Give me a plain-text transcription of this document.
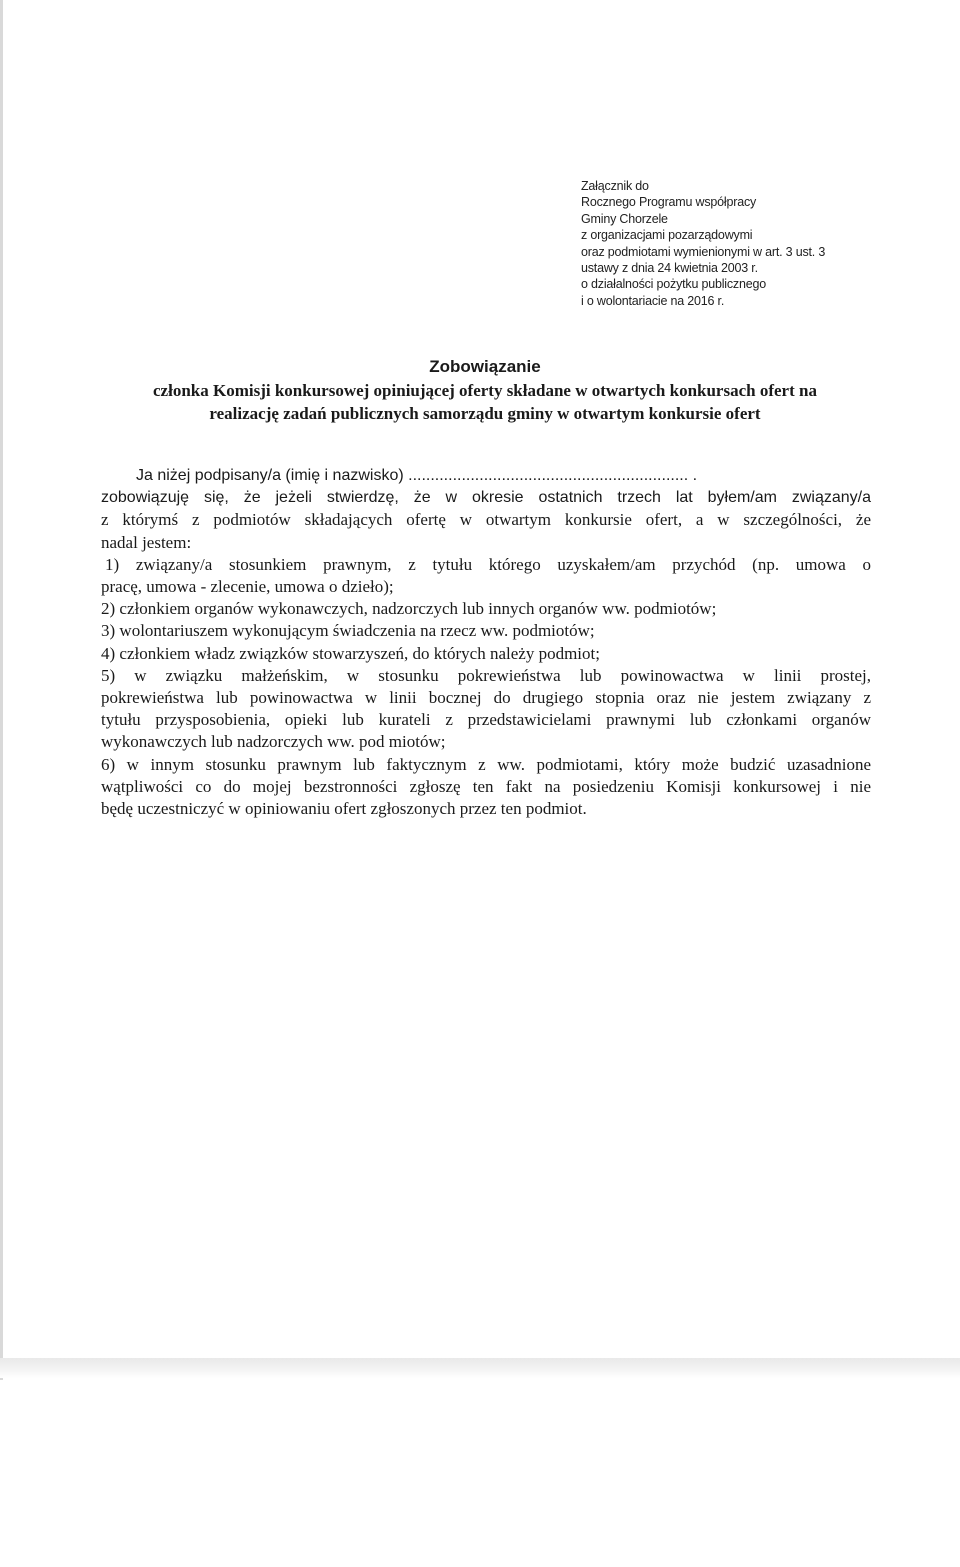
Załącznik do
Rocznego Programu współpracy
Gminy Chorzele
z organizacjami pozarządowymi
oraz podmiotami wymienionymi w art. 3 ust. 3
ustawy z dnia 24 kwietnia 2003 r.
o działalności pożytku publicznego
i o wolontariacie na 2016 r.
Zobowiązanie
członka Komisji konkursowej opiniującej oferty składane w otwartych konkursach ofert na
realizację zadań publicznych samorządu gminy w otwartym konkursie ofert
Ja niżej podpisany/a (imię i nazwisko) ............................................................... .
zobowiązuję się, że jeżeli stwierdzę, że w okresie ostatnich trzech lat byłem/am związany/a
z którymś z podmiotów składających ofertę w otwartym konkursie ofert, a w szczególności, że
nadal jestem:
1) związany/a stosunkiem prawnym, z tytułu którego uzyskałem/am przychód (np. umowa o
pracę, umowa - zlecenie, umowa o dzieło);
2) członkiem organów wykonawczych, nadzorczych lub innych organów ww. podmiotów;
3) wolontariuszem wykonującym świadczenia na rzecz ww. podmiotów;
4) członkiem władz związków stowarzyszeń, do których należy podmiot;
5) w związku małżeńskim, w stosunku pokrewieństwa lub powinowactwa w linii prostej,
pokrewieństwa lub powinowactwa w linii bocznej do drugiego stopnia oraz nie jestem związany z
tytułu przysposobienia, opieki lub kurateli z przedstawicielami prawnymi lub członkami organów
wykonawczych lub nadzorczych ww. pod miotów;
6) w innym stosunku prawnym lub faktycznym z ww. podmiotami, który może budzić uzasadnione
wątpliwości co do mojej bezstronności zgłoszę ten fakt na posiedzeniu Komisji konkursowej i nie
będę uczestniczyć w opiniowaniu ofert zgłoszonych przez ten podmiot.
